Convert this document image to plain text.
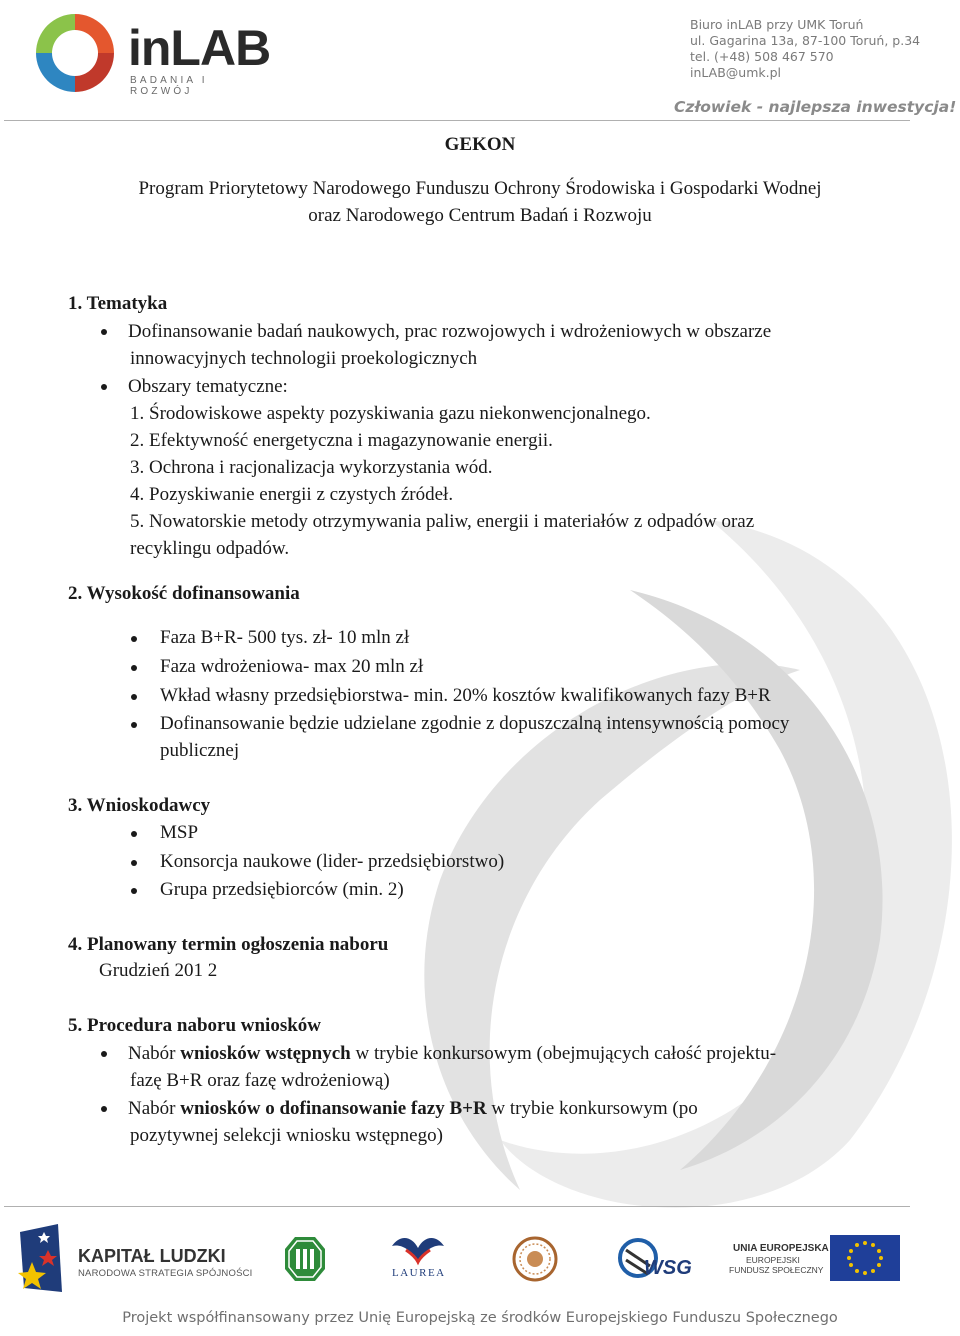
inLAB
BADANIA I ROZWÓJ
Biuro inLAB przy UMK Toruń
ul. Gagarina 13a, 87-100 Toruń, p.34
tel. (+48) 508 467 570
inLAB@umk.pl
Człowiek - najlepsza inwestycja!
GEKON
Program Priorytetowy Narodowego Funduszu Ochrony Środowiska i Gospodarki Wodnej
oraz Narodowego Centrum Badań i Rozwoju
1. Tematyka
Dofinansowanie badań naukowych, prac rozwojowych i wdrożeniowych w obszarze
innowacyjnych technologii proekologicznych
Obszary tematyczne:
1. Środowiskowe aspekty pozyskiwania gazu niekonwencjonalnego.
2. Efektywność energetyczna i magazynowanie energii.
3. Ochrona i racjonalizacja wykorzystania wód.
4. Pozyskiwanie energii z czystych źródeł.
5. Nowatorskie metody otrzymywania paliw, energii i materiałów z odpadów oraz
recyklingu odpadów.
2. Wysokość dofinansowania
Faza B+R- 500 tys. zł- 10 mln zł
Faza wdrożeniowa- max 20 mln zł
Wkład własny przedsiębiorstwa- min. 20% kosztów kwalifikowanych fazy B+R
Dofinansowanie będzie udzielane zgodnie z dopuszczalną intensywnością pomocy
publicznej
3. Wnioskodawcy
MSP
Konsorcja naukowe (lider- przedsiębiorstwo)
Grupa przedsiębiorców (min. 2)
4. Planowany termin ogłoszenia naboru
Grudzień 201 2
5. Procedura naboru wniosków
Nabór wniosków wstępnych w trybie konkursowym (obejmujących całość projektu-
fazę B+R oraz fazę wdrożeniową)
Nabór wniosków o dofinansowanie fazy B+R w trybie konkursowym (po
pozytywnej selekcji wniosku wstępnego)
KAPITAŁ LUDZKI
NARODOWA STRATEGIA SPÓJNOŚCI	LAUREA	WSG
UNIA EUROPEJSKA
EUROPEJSKI
FUNDUSZ SPOŁECZNY
Projekt współfinansowany przez Unię Europejską ze środków Europejskiego Funduszu Społecznego
